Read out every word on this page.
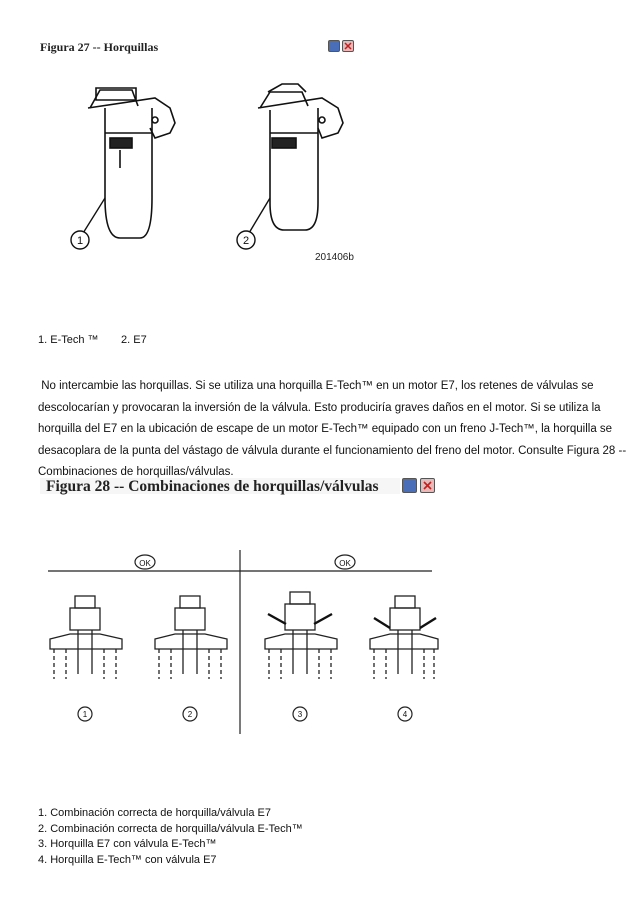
Figura 27 -- Horquillas
1	2
201406b
1. E-Tech ™ 2. E7
No intercambie las horquillas. Si se utiliza una horquilla E-Tech™ en un motor E7, los retenes de válvulas se
descolocarían y provocaran la inversión de la válvula. Esto produciría graves daños en el motor. Si se utiliza la
horquilla del E7 en la ubicación de escape de un motor E-Tech™ equipado con un freno J-Tech™, la horquilla se
desacoplara de la punta del vástago de válvula durante el funcionamiento del freno del motor. Consulte Figura 28 --
Combinaciones de horquillas/válvulas.
Figura 28 -- Combinaciones de horquillas/válvulas
OK	OK
1	2	3	4
1. Combinación correcta de horquilla/válvula E7
2. Combinación correcta de horquilla/válvula E-Tech™
3. Horquilla E7 con válvula E-Tech™
4. Horquilla E-Tech™ con válvula E7
